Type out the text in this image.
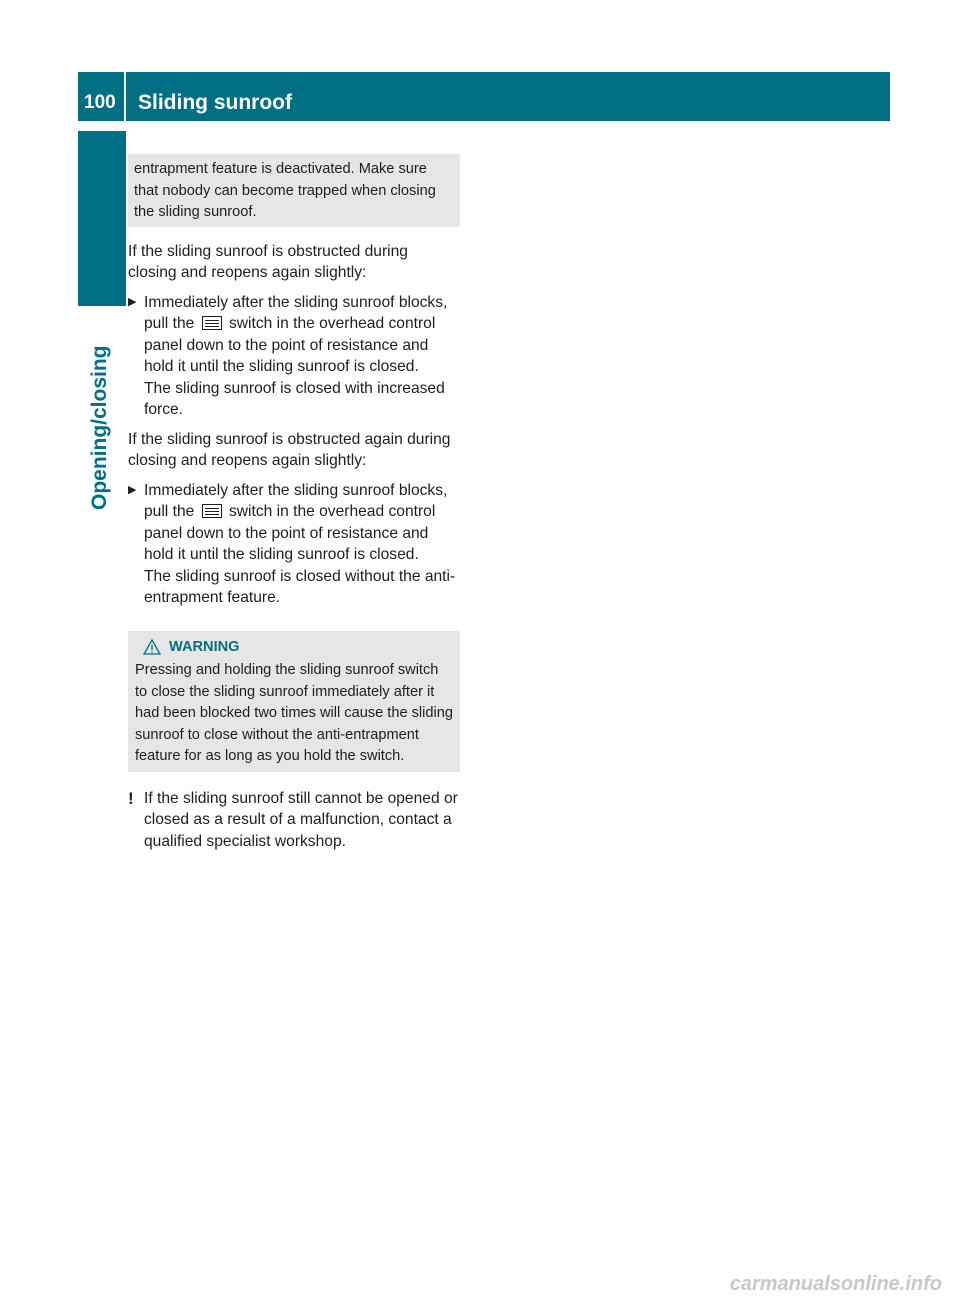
100	Sliding sunroof
Opening/closing
entrapment feature is deactivated. Make sure that nobody can become trapped when closing the sliding sunroof.

If the sliding sunroof is obstructed during closing and reopens again slightly:

▶ Immediately after the sliding sunroof blocks, pull the switch in the overhead control panel down to the point of resistance and hold it until the sliding sunroof is closed.
The sliding sunroof is closed with increased force.

If the sliding sunroof is obstructed again during closing and reopens again slightly:

▶ Immediately after the sliding sunroof blocks, pull the switch in the overhead control panel down to the point of resistance and hold it until the sliding sunroof is closed.
The sliding sunroof is closed without the anti-entrapment feature.
WARNING
Pressing and holding the sliding sunroof switch to close the sliding sunroof immediately after it had been blocked two times will cause the sliding sunroof to close without the anti-entrapment feature for as long as you hold the switch.
! If the sliding sunroof still cannot be opened or closed as a result of a malfunction, contact a qualified specialist workshop.
carmanualsonline.info
